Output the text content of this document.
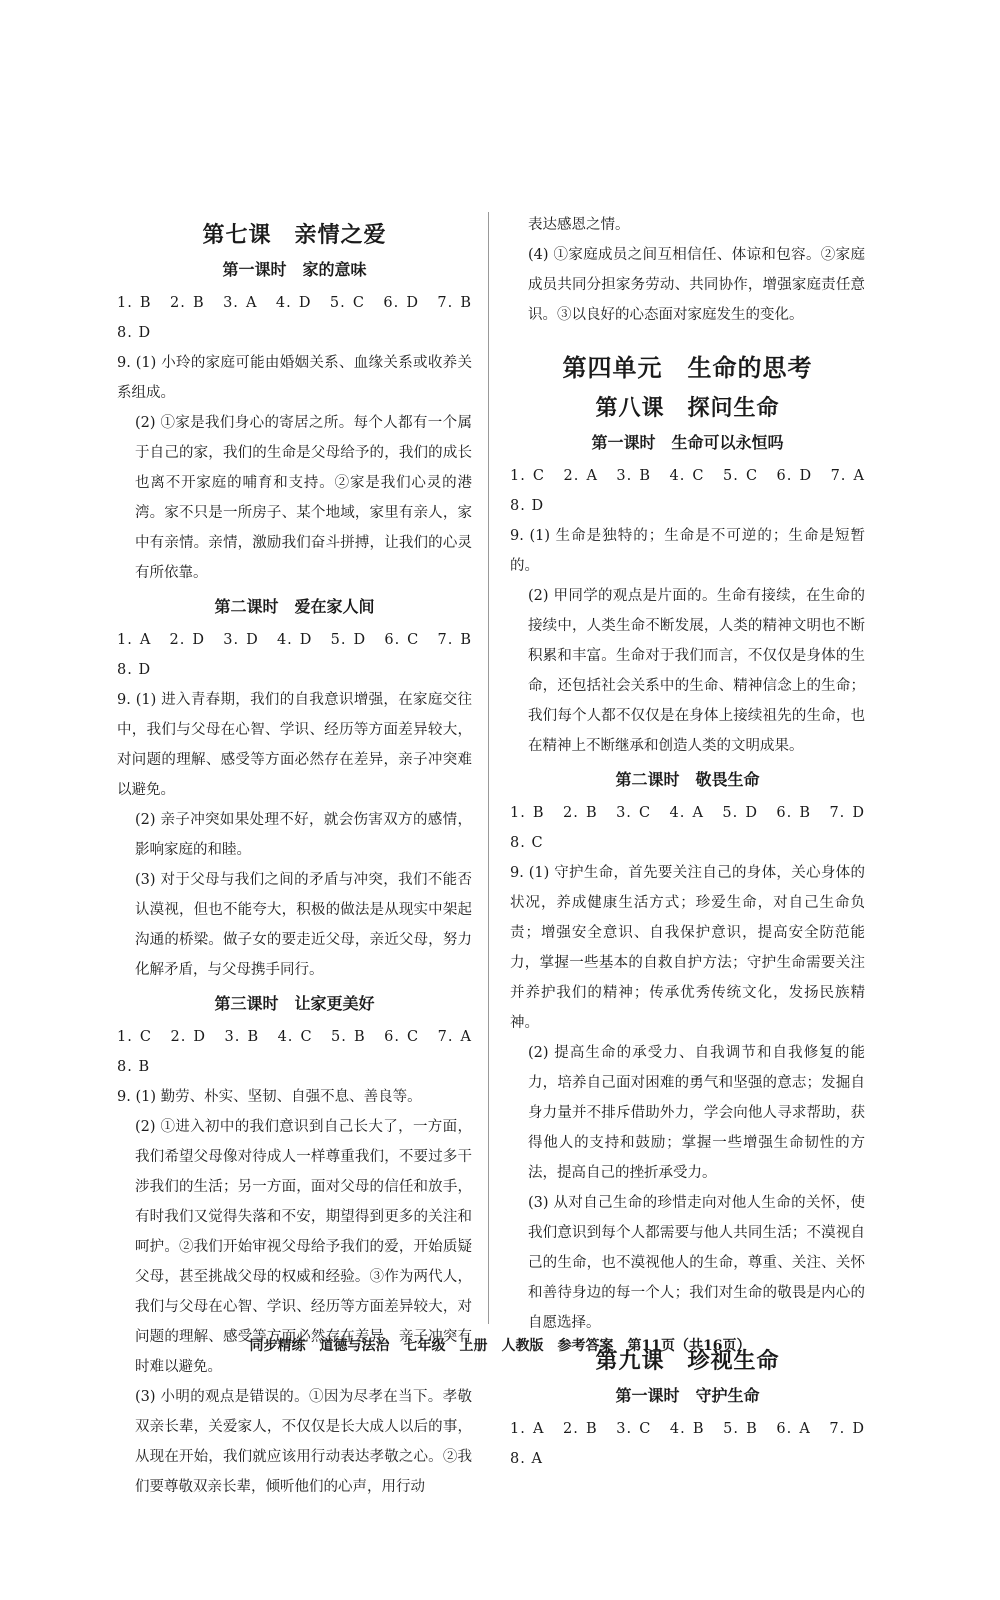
第七课　亲情之爱
第一课时　家的意味

1. B　2. B　3. A　4. D　5. C　6. D　7. B　8. D

9. (1) 小玲的家庭可能由婚姻关系、血缘关系或收养关系组成。

(2) ①家是我们身心的寄居之所。每个人都有一个属于自己的家，我们的生命是父母给予的，我们的成长也离不开家庭的哺育和支持。②家是我们心灵的港湾。家不只是一所房子、某个地域，家里有亲人，家中有亲情。亲情，激励我们奋斗拼搏，让我们的心灵有所依靠。

第二课时　爱在家人间

1. A　2. D　3. D　4. D　5. D　6. C　7. B　8. D

9. (1) 进入青春期，我们的自我意识增强，在家庭交往中，我们与父母在心智、学识、经历等方面差异较大，对问题的理解、感受等方面必然存在差异，亲子冲突难以避免。

(2) 亲子冲突如果处理不好，就会伤害双方的感情，影响家庭的和睦。

(3) 对于父母与我们之间的矛盾与冲突，我们不能否认漠视，但也不能夸大，积极的做法是从现实中架起沟通的桥梁。做子女的要走近父母，亲近父母，努力化解矛盾，与父母携手同行。

第三课时　让家更美好

1. C　2. D　3. B　4. C　5. B　6. C　7. A　8. B

9. (1) 勤劳、朴实、坚韧、自强不息、善良等。

(2) ①进入初中的我们意识到自己长大了，一方面，我们希望父母像对待成人一样尊重我们，不要过多干涉我们的生活；另一方面，面对父母的信任和放手，有时我们又觉得失落和不安，期望得到更多的关注和呵护。②我们开始审视父母给予我们的爱，开始质疑父母，甚至挑战父母的权威和经验。③作为两代人，我们与父母在心智、学识、经历等方面差异较大，对问题的理解、感受等方面必然存在差异，亲子冲突有时难以避免。

(3) 小明的观点是错误的。①因为尽孝在当下。孝敬双亲长辈，关爱家人，不仅仅是长大成人以后的事，从现在开始，我们就应该用行动表达孝敬之心。②我们要尊敬双亲长辈，倾听他们的心声，用行动

表达感恩之情。

(4) ①家庭成员之间互相信任、体谅和包容。②家庭成员共同分担家务劳动、共同协作，增强家庭责任意识。③以良好的心态面对家庭发生的变化。

第四单元　生命的思考
第八课　探问生命
第一课时　生命可以永恒吗

1. C　2. A　3. B　4. C　5. C　6. D　7. A　8. D

9. (1) 生命是独特的；生命是不可逆的；生命是短暂的。

(2) 甲同学的观点是片面的。生命有接续，在生命的接续中，人类生命不断发展，人类的精神文明也不断积累和丰富。生命对于我们而言，不仅仅是身体的生命，还包括社会关系中的生命、精神信念上的生命；我们每个人都不仅仅是在身体上接续祖先的生命，也在精神上不断继承和创造人类的文明成果。

第二课时　敬畏生命

1. B　2. B　3. C　4. A　5. D　6. B　7. D　8. C

9. (1) 守护生命，首先要关注自己的身体，关心身体的状况，养成健康生活方式；珍爱生命，对自己生命负责；增强安全意识、自我保护意识，提高安全防范能力，掌握一些基本的自救自护方法；守护生命需要关注并养护我们的精神；传承优秀传统文化，发扬民族精神。

(2) 提高生命的承受力、自我调节和自我修复的能力，培养自己面对困难的勇气和坚强的意志；发掘自身力量并不排斥借助外力，学会向他人寻求帮助，获得他人的支持和鼓励；掌握一些增强生命韧性的方法，提高自己的挫折承受力。

(3) 从对自己生命的珍惜走向对他人生命的关怀，使我们意识到每个人都需要与他人共同生活；不漠视自己的生命，也不漠视他人的生命，尊重、关注、关怀和善待身边的每一个人；我们对生命的敬畏是内心的自愿选择。

第九课　珍视生命
第一课时　守护生命

1. A　2. B　3. C　4. B　5. B　6. A　7. D　8. A

同步精练　道德与法治　七年级　上册　人教版　参考答案　第11页（共16页）
